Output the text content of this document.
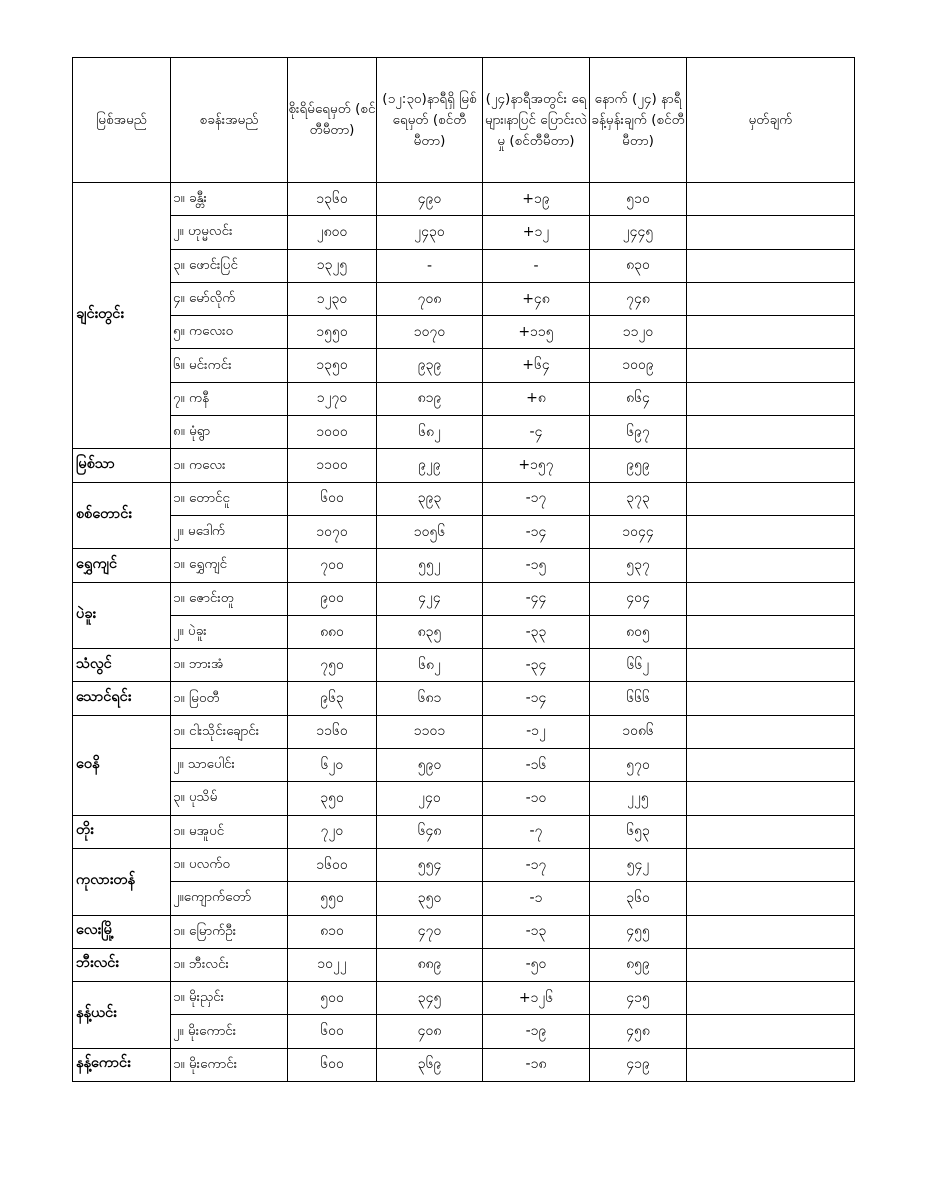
မြစ်အမည်	စခန်းအမည်	စိုးရိမ်ရေမှတ် (စင်တီမီတာ)	(၁၂:၃၀)နာရီရှိ မြစ်ရေမှတ် (စင်တီမီတာ)	(၂၄)နာရီအတွင်း ရေများ၊နာပြင် ပြောင်းလဲမှု (စင်တီမီတာ)	နောက် (၂၄) နာရီ ခန့်မှန်းချက် (စင်တီမီတာ)	မှတ်ချက်
ချင်းတွင်း	၁။ ခန္တီး	၁၃၆၀	၄၉၀	+၁၉	၅၁၀	
	၂။ ဟုမ္မလင်း	၂၈၀၀	၂၄၃၀	+၁၂	၂၄၄၅	
	၃။ ဖောင်းပြင်	၁၃၂၅	-	-	၈၃၀	
	၄။ မော်လိုက်	၁၂၃၀	၇၀၈	+၄၈	၇၄၈	
	၅။ ကလေးဝ	၁၅၅၀	၁၀၇၀	+၁၁၅	၁၁၂၀	
	၆။ မင်းကင်း	၁၃၅၀	၉၃၉	+၆၄	၁၀၀၉	
	၇။ ကနီ	၁၂၇၀	၈၁၉	+၈	၈၆၄	
	၈။ မုံရွာ	၁၀၀၀	၆၈၂	-၄	၆၉၇	
မြစ်သာ	၁။ ကလေး	၁၁၀၀	၉၂၉	+၁၅၇	၉၅၉	
စစ်တောင်း	၁။ တောင်ငူ	၆၀၀	၃၉၃	-၁၇	၃၇၃	
	၂။ မဒေါက်	၁၀၇၀	၁၀၅၆	-၁၄	၁၀၄၄	
ရွှေကျင်	၁။ ရွှေကျင်	၇၀၀	၅၅၂	-၁၅	၅၃၇	
ပဲခူး	၁။ ဇောင်းတူ	၉၀၀	၄၂၄	-၄၄	၄၀၄	
	၂။ ပဲခူး	၈၈၀	၈၃၅	-၃၃	၈၀၅	
သံလွင်	၁။ ဘားအံ	၇၅၀	၆၈၂	-၃၄	၆၆၂	
သောင်ရင်း	၁။ မြဝတီ	၉၆၃	၆၈၁	-၁၄	၆၆၆	
ဝေနိ	၁။ ငါးသိုင်းချောင်း	၁၁၆၀	၁၁၀၁	-၁၂	၁၀၈၆	
	၂။ သာပေါင်း	၆၂၀	၅၉၀	-၁၆	၅၇၀	
	၃။ ပုသိမ်	၃၅၀	၂၄၀	-၁၀	၂၂၅	
တိုး	၁။ မအူပင်	၇၂၀	၆၄၈	-၇	၆၅၃	
ကုလားတန်	၁။ ပလက်ဝ	၁၆၀၀	၅၅၄	-၁၇	၅၄၂	
	၂။ကျောက်တော်	၅၅၀	၃၅၀	-၁	၃၆၀	
လေးမြို့	၁။ မြောက်ဦး	၈၁၀	၄၇၀	-၁၃	၄၅၅	
ဘီးလင်း	၁။ ဘီးလင်း	၁၀၂၂	၈၈၉	-၅၀	၈၅၉	
နန့်ယင်း	၁။ မိုးညှင်း	၅၀၀	၃၄၅	+၁၂၆	၄၁၅	
	၂။ မိုးကောင်း	၆၀၀	၄၀၈	-၁၉	၄၅၈	
နန့်ကောင်း	၁။ မိုးကောင်း	၆၀၀	၃၆၉	-၁၈	၄၁၉	
